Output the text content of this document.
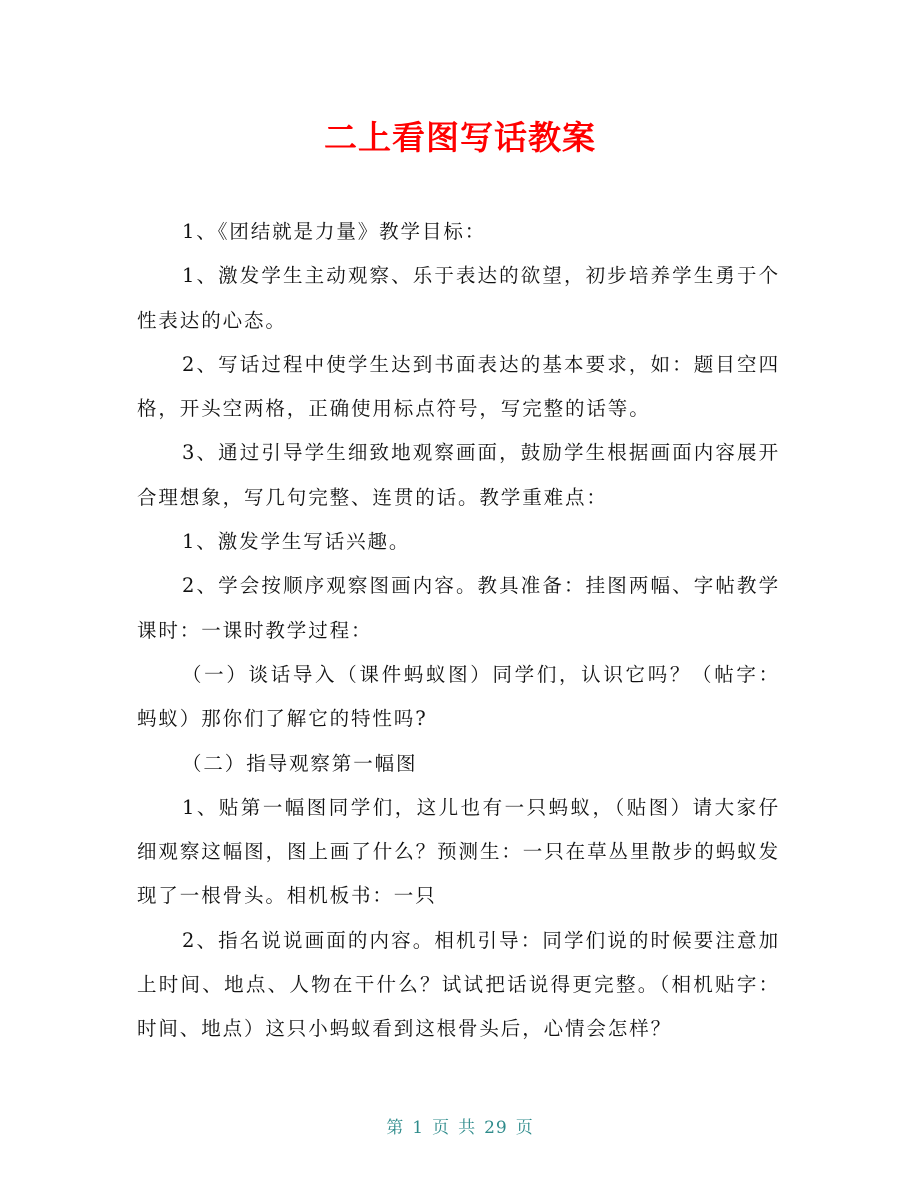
二上看图写话教案

1、《团结就是力量》教学目标：

1、激发学生主动观察、乐于表达的欲望，初步培养学生勇于个性表达的心态。

2、写话过程中使学生达到书面表达的基本要求，如：题目空四格，开头空两格，正确使用标点符号，写完整的话等。

3、通过引导学生细致地观察画面，鼓励学生根据画面内容展开合理想象，写几句完整、连贯的话。教学重难点：

1、激发学生写话兴趣。

2、学会按顺序观察图画内容。教具准备：挂图两幅、字帖教学课时：一课时教学过程：

（一）谈话导入（课件蚂蚁图）同学们，认识它吗？（帖字：蚂蚁）那你们了解它的特性吗?

（二）指导观察第一幅图

1、贴第一幅图同学们，这儿也有一只蚂蚁，（贴图）请大家仔细观察这幅图，图上画了什么？预测生：一只在草丛里散步的蚂蚁发现了一根骨头。相机板书：一只

2、指名说说画面的内容。相机引导：同学们说的时候要注意加上时间、地点、人物在干什么？试试把话说得更完整。（相机贴字：时间、地点）这只小蚂蚁看到这根骨头后，心情会怎样？

第 1 页 共 29 页
